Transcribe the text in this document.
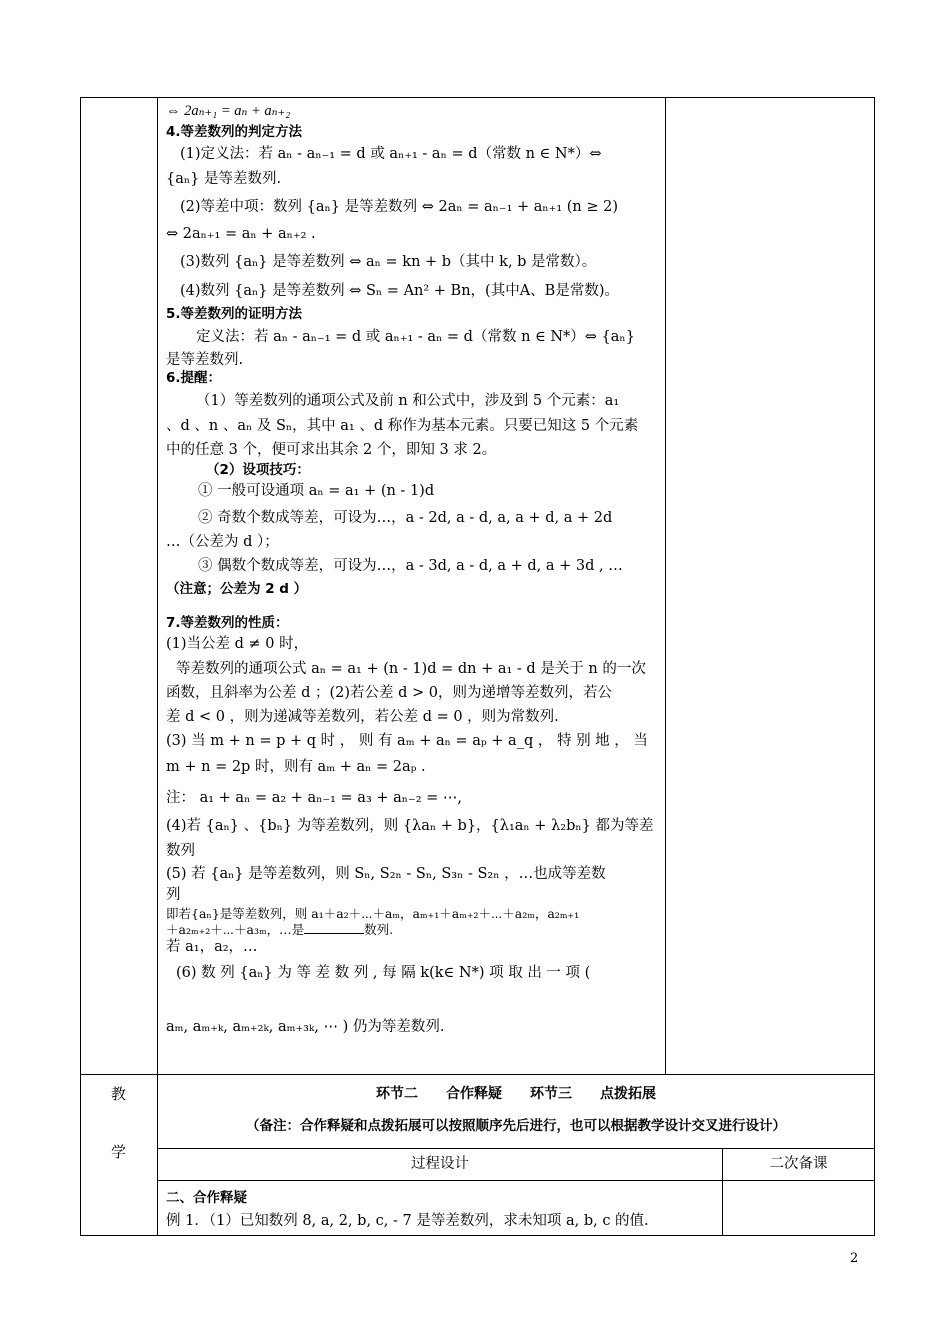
⇔ 2aₙ₊₁ = aₙ + aₙ₊₂
4.等差数列的判定方法
(1)定义法：若 aₙ - aₙ₋₁ = d 或 aₙ₊₁ - aₙ = d（常数 n ∈ N*）⇔
{aₙ} 是等差数列.
(2)等差中项：数列 {aₙ} 是等差数列 ⇔ 2aₙ = aₙ₋₁ + aₙ₊₁ (n ≥ 2)
⇔ 2aₙ₊₁ = aₙ + aₙ₊₂ .
(3)数列 {aₙ} 是等差数列 ⇔ aₙ = kn + b（其中 k, b 是常数）。
(4)数列 {aₙ} 是等差数列 ⇔ Sₙ = An² + Bn，(其中A、B是常数)。
5.等差数列的证明方法
定义法：若 aₙ - aₙ₋₁ = d 或 aₙ₊₁ - aₙ = d（常数 n ∈ N*）⇔ {aₙ}
是等差数列.
6.提醒：
（1）等差数列的通项公式及前 n 和公式中，涉及到 5 个元素：a₁
、d 、n 、aₙ 及 Sₙ，其中 a₁ 、d 称作为基本元素。只要已知这 5 个元素
中的任意 3 个，便可求出其余 2 个，即知 3 求 2。
（2）设项技巧：
① 一般可设通项 aₙ = a₁ + (n - 1)d
② 奇数个数成等差，可设为…，a - 2d, a - d, a, a + d, a + 2d
…（公差为 d ）；
③ 偶数个数成等差，可设为…，a - 3d, a - d, a + d, a + 3d , …
（注意；公差为 2 d ）
7.等差数列的性质：
(1)当公差 d ≠ 0 时，
等差数列的通项公式 aₙ = a₁ + (n - 1)d = dn + a₁ - d 是关于 n 的一次
函数，且斜率为公差 d ；(2)若公差 d > 0，则为递增等差数列，若公
差 d < 0 ，则为递减等差数列，若公差 d = 0 ，则为常数列.
(3) 当 m + n = p + q 时 ， 则 有 aₘ + aₙ = aₚ + a_q ， 特 别 地 ， 当
m + n = 2p 时，则有 aₘ + aₙ = 2aₚ .
注： a₁ + aₙ = a₂ + aₙ₋₁ = a₃ + aₙ₋₂ = ⋯,
(4)若 {aₙ} 、{bₙ} 为等差数列，则 {λaₙ + b}，{λ₁aₙ + λ₂bₙ} 都为等差
数列
(5) 若 {aₙ} 是等差数列，则 Sₙ, S₂ₙ - Sₙ, S₃ₙ - S₂ₙ ，…也成等差数
列
即若{aₙ}是等差数列，则 a₁＋a₂＋⋯＋aₘ，aₘ₊₁＋aₘ₊₂＋⋯＋a₂ₘ，a₂ₘ₊₁
＋a₂ₘ₊₂＋⋯＋a₃ₘ，…是	数列.
若 a₁，a₂，…
(6) 数 列 {aₙ} 为 等 差 数 列 , 每 隔 k(k∈ N*) 项 取 出 一 项 (
aₘ, aₘ₊ₖ, aₘ₊₂ₖ, aₘ₊₃ₖ, ⋯ ) 仍为等差数列.
教
学
环节二　　合作释疑　　环节三　　点拨拓展
（备注：合作释疑和点拨拓展可以按照顺序先后进行，也可以根据教学设计交叉进行设计）
过程设计	二次备课
二、合作释疑
例 1．（1）已知数列 8, a, 2, b, c, - 7 是等差数列，求未知项 a, b, c 的值.
2
